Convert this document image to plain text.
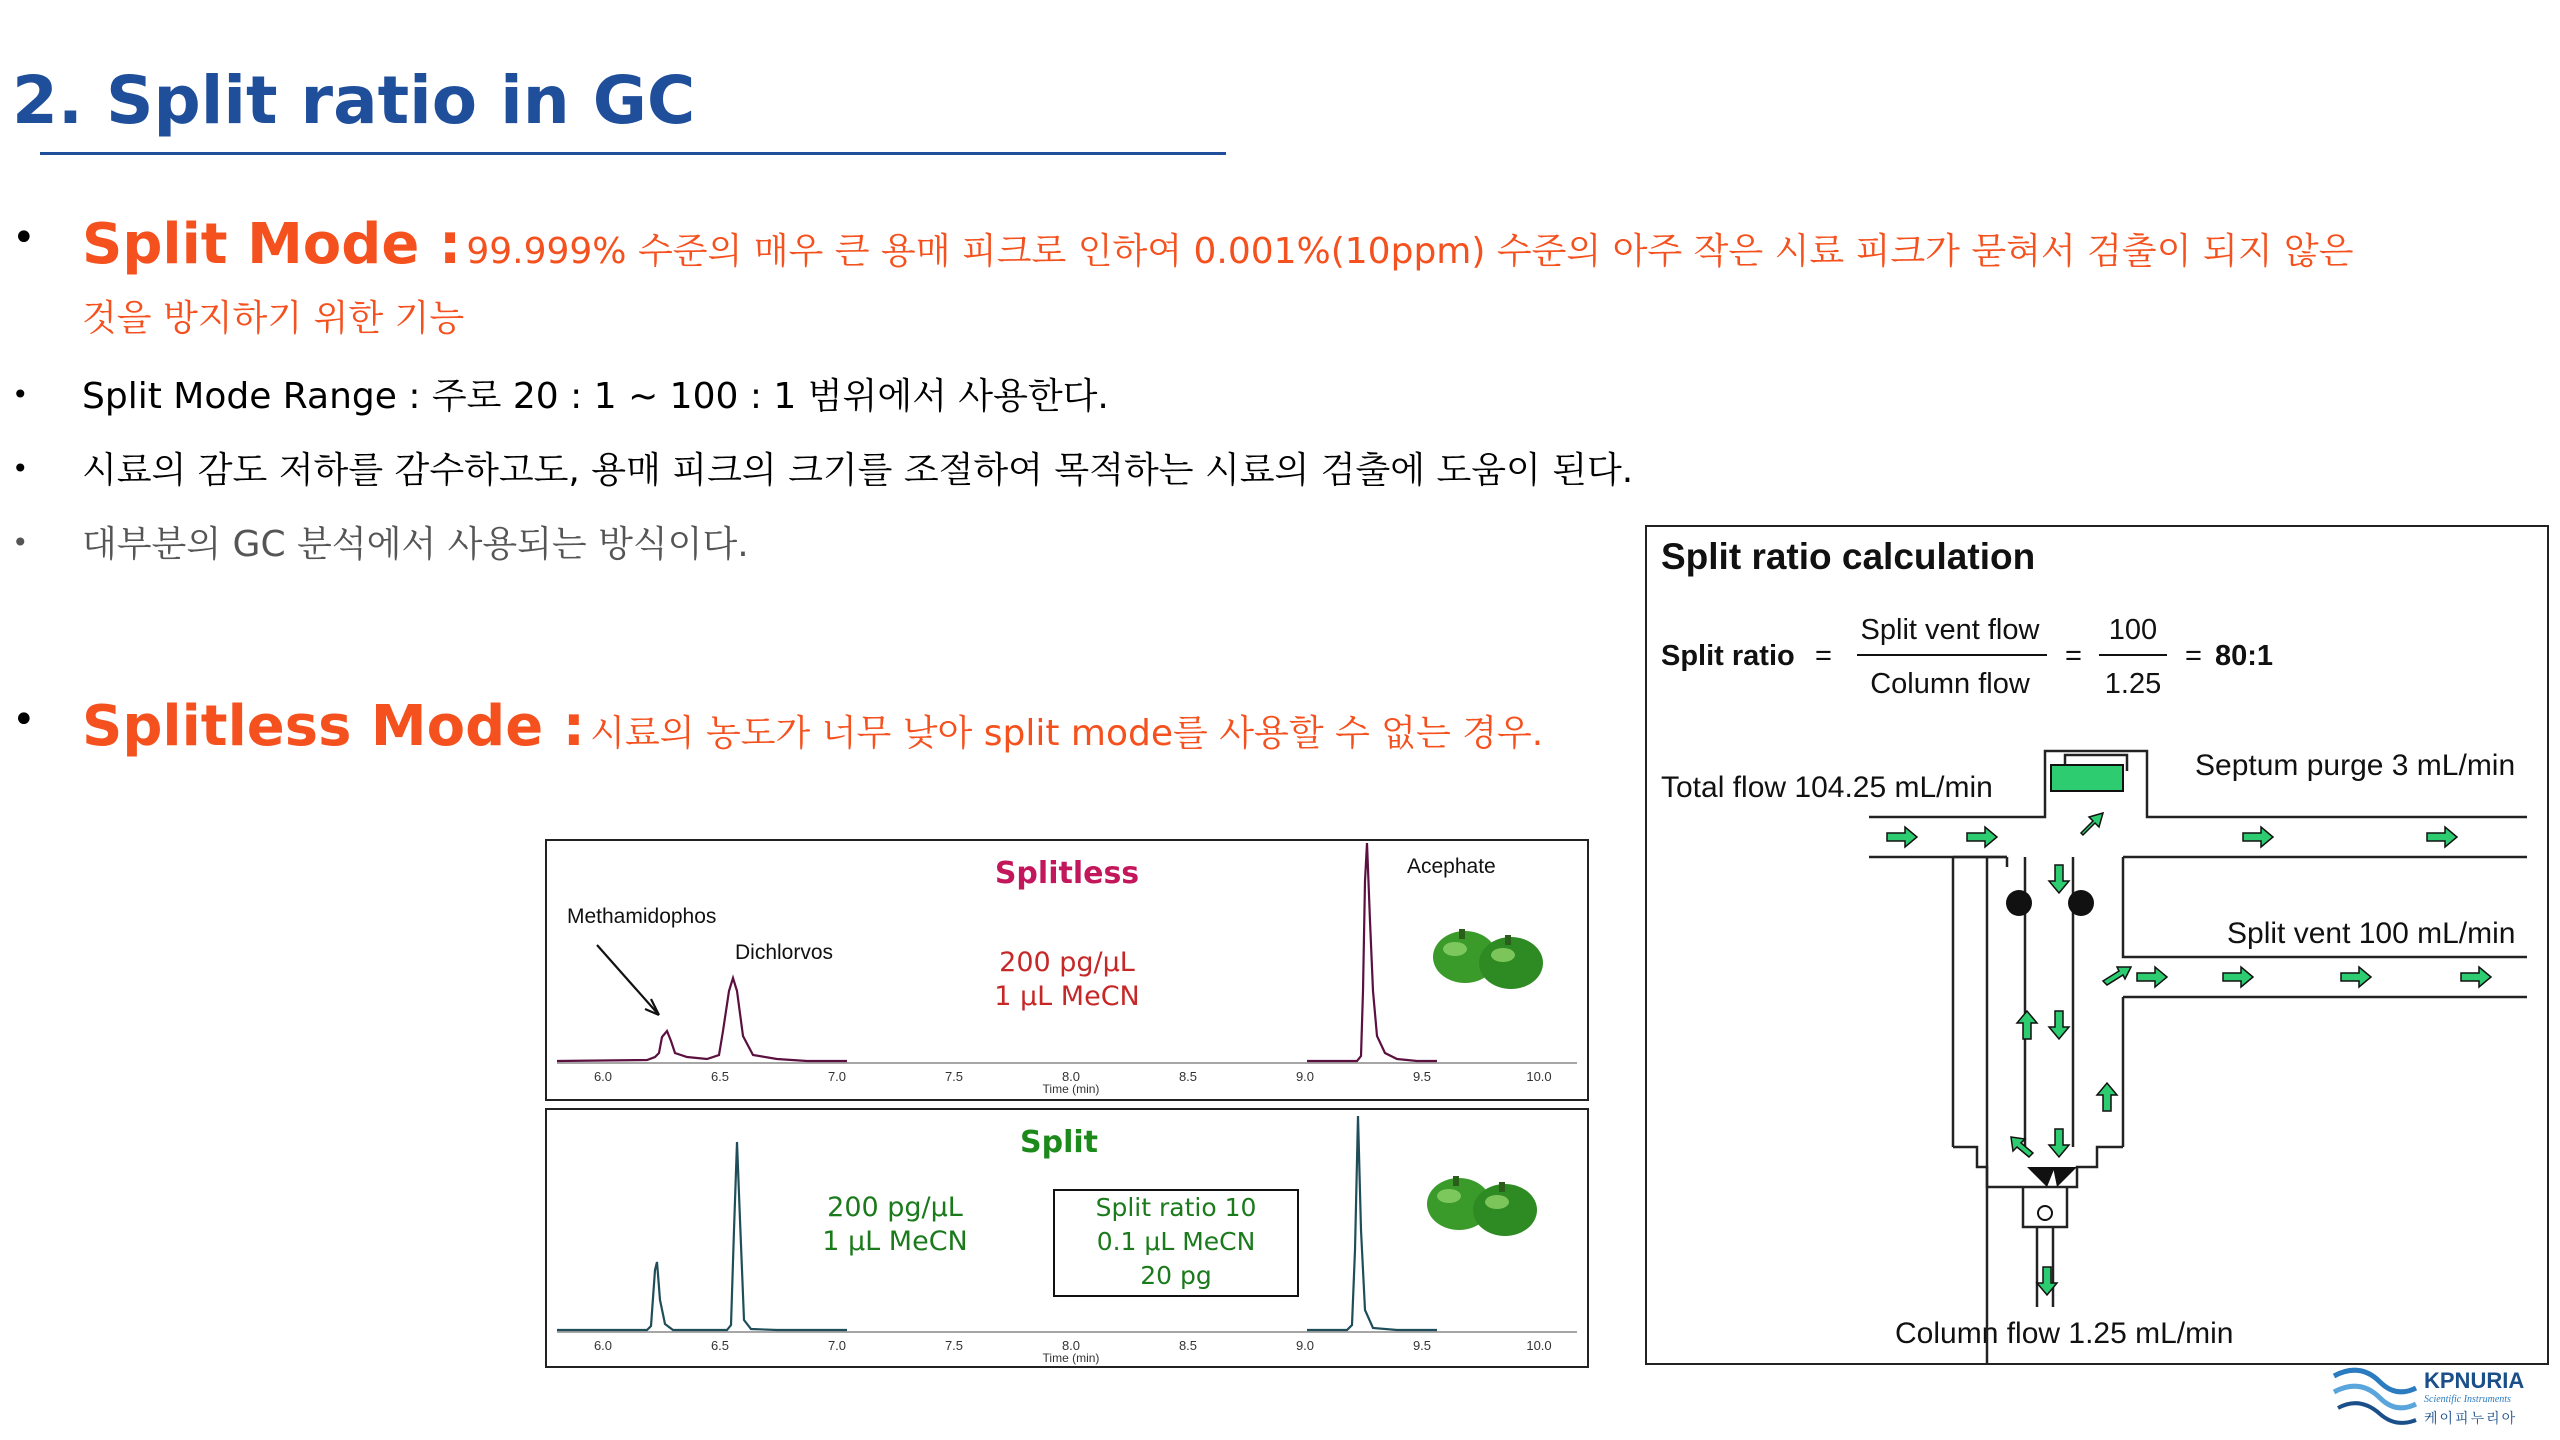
2. Split ratio in GC
• Split Mode : 99.999% 수준의 매우 큰 용매 피크로 인하여 0.001%(10ppm) 수준의 아주 작은 시료 피크가 묻혀서 검출이 되지 않은
것을 방지하기 위한 기능
• Split Mode Range : 주로 20 : 1 ~ 100 : 1 범위에서 사용한다.
• 시료의 감도 저하를 감수하고도, 용매 피크의 크기를 조절하여 목적하는 시료의 검출에 도움이 된다.
• 대부분의 GC 분석에서 사용되는 방식이다.
• Splitless Mode : 시료의 농도가 너무 낮아 split mode를 사용할 수 없는 경우.
6.0	6.5	7.0	7.5	8.0	8.5	9.0	9.5	10.0
Time (min)
Splitless
Methamidophos
Dichlorvos
Acephate
200 pg/μL
1 μL MeCN
6.0	6.5	7.0	7.5	8.0	8.5	9.0	9.5	10.0
Time (min)
Split
200 pg/μL
1 μL MeCN
Split ratio 10
0.1 μL MeCN
20 pg
Split ratio calculation
Split ratio =
Split vent flow
Column flow
=
100
1.25
= 80:1
Total flow 104.25 mL/min
Septum purge 3 mL/min
Split vent 100 mL/min
Column flow 1.25 mL/min
KPNURIA
Scientific Instruments
케이피누리아
